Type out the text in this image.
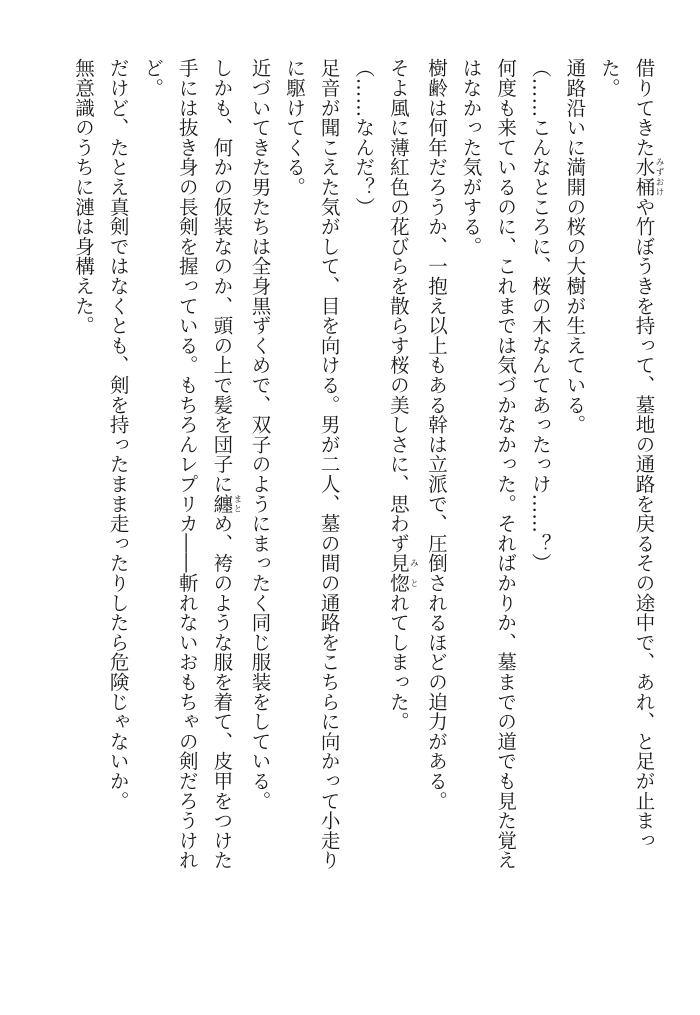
借りてきた水桶みずおけや竹ぼうきを持って、墓地の通路を戻るその途中で、あれ、と足が止まっ
た。
通路沿いに満開の桜の大樹が生えている。
（……こんなところに、桜の木なんてあったっけ……？）
何度も来ているのに、これまでは気づかなかった。そればかりか、墓までの道でも見た覚え
はなかった気がする。
樹齢は何年だろうか、一抱え以上もある幹は立派で、圧倒されるほどの迫力がある。
そよ風に薄紅色の花びらを散らす桜の美しさに、思わず見惚みとれてしまった。
（……なんだ？）
足音が聞こえた気がして、目を向ける。男が二人、墓の間の通路をこちらに向かって小走り
に駆けてくる。
近づいてきた男たちは全身黒ずくめで、双子のようにまったく同じ服装をしている。
しかも、何かの仮装なのか、頭の上で髪を団子に纏まとめ、袴のような服を着て、皮甲をつけた
手には抜き身の長剣を握っている。もちろんレプリカ――斬れないおもちゃの剣だろうけれ
ど。
だけど、たとえ真剣ではなくとも、剣を持ったまま走ったりしたら危険じゃないか。
無意識のうちに漣は身構えた。
